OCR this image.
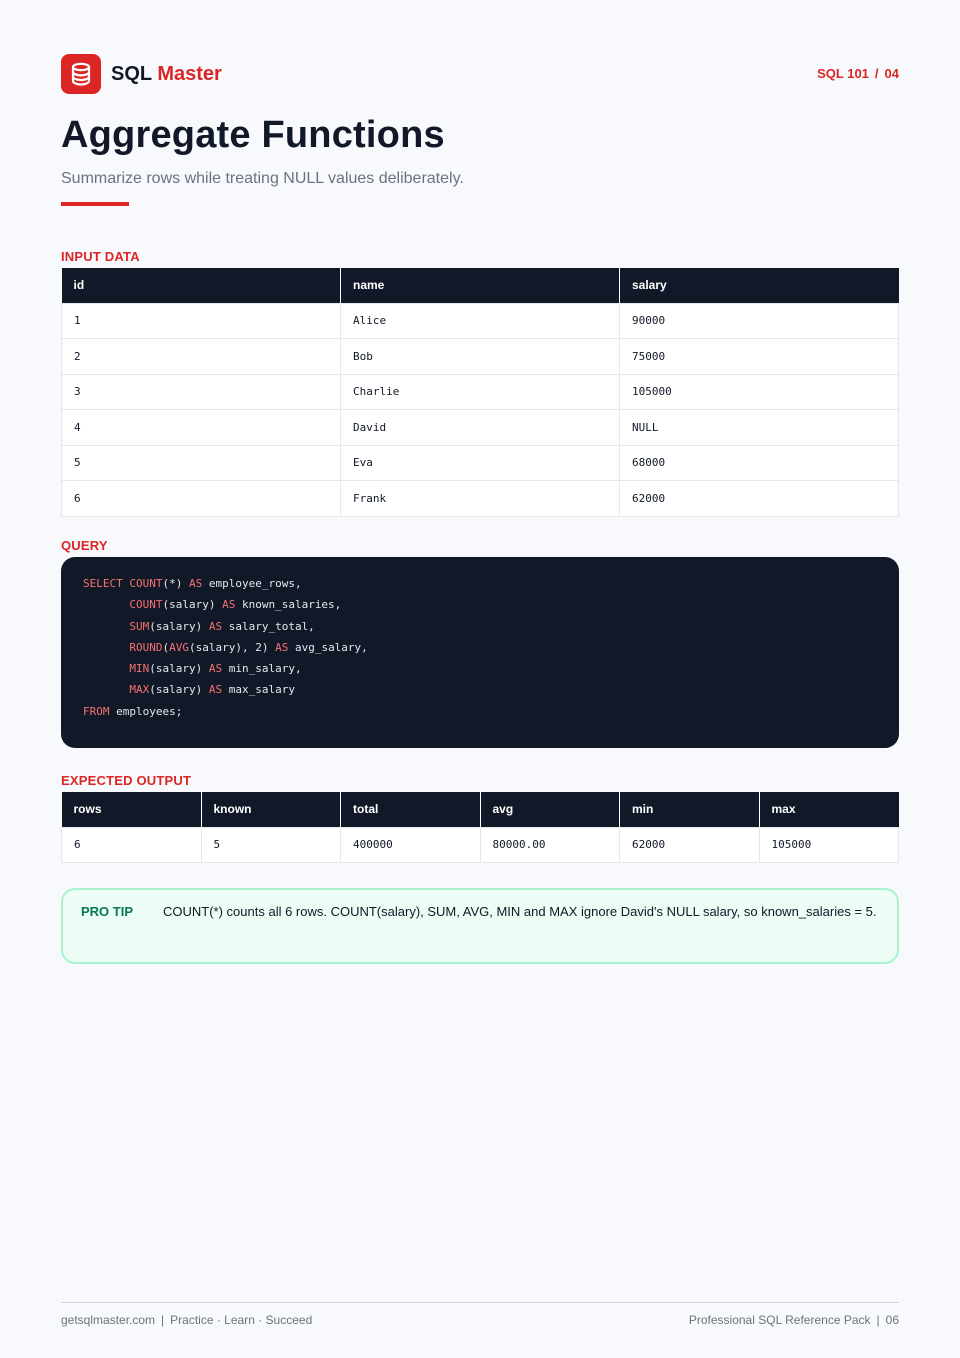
SQL Master	SQL 101 / 04
Aggregate Functions
Summarize rows while treating NULL values deliberately.
INPUT DATA
id	name	salary
1	Alice	90000
2	Bob	75000
3	Charlie	105000
4	David	NULL
5	Eva	68000
6	Frank	62000
QUERY
SELECT COUNT(*) AS employee_rows,
COUNT(salary) AS known_salaries,
SUM(salary) AS salary_total,
ROUND(AVG(salary), 2) AS avg_salary,
MIN(salary) AS min_salary,
MAX(salary) AS max_salary
FROM employees;
EXPECTED OUTPUT
rows	known	total	avg	min	max
6	5	400000	80000.00	62000	105000
PRO TIP COUNT(*) counts all 6 rows. COUNT(salary), SUM, AVG, MIN and MAX ignore David's NULL salary, so known_salaries = 5.
getsqlmaster.com | Practice · Learn · Succeed	Professional SQL Reference Pack | 06
